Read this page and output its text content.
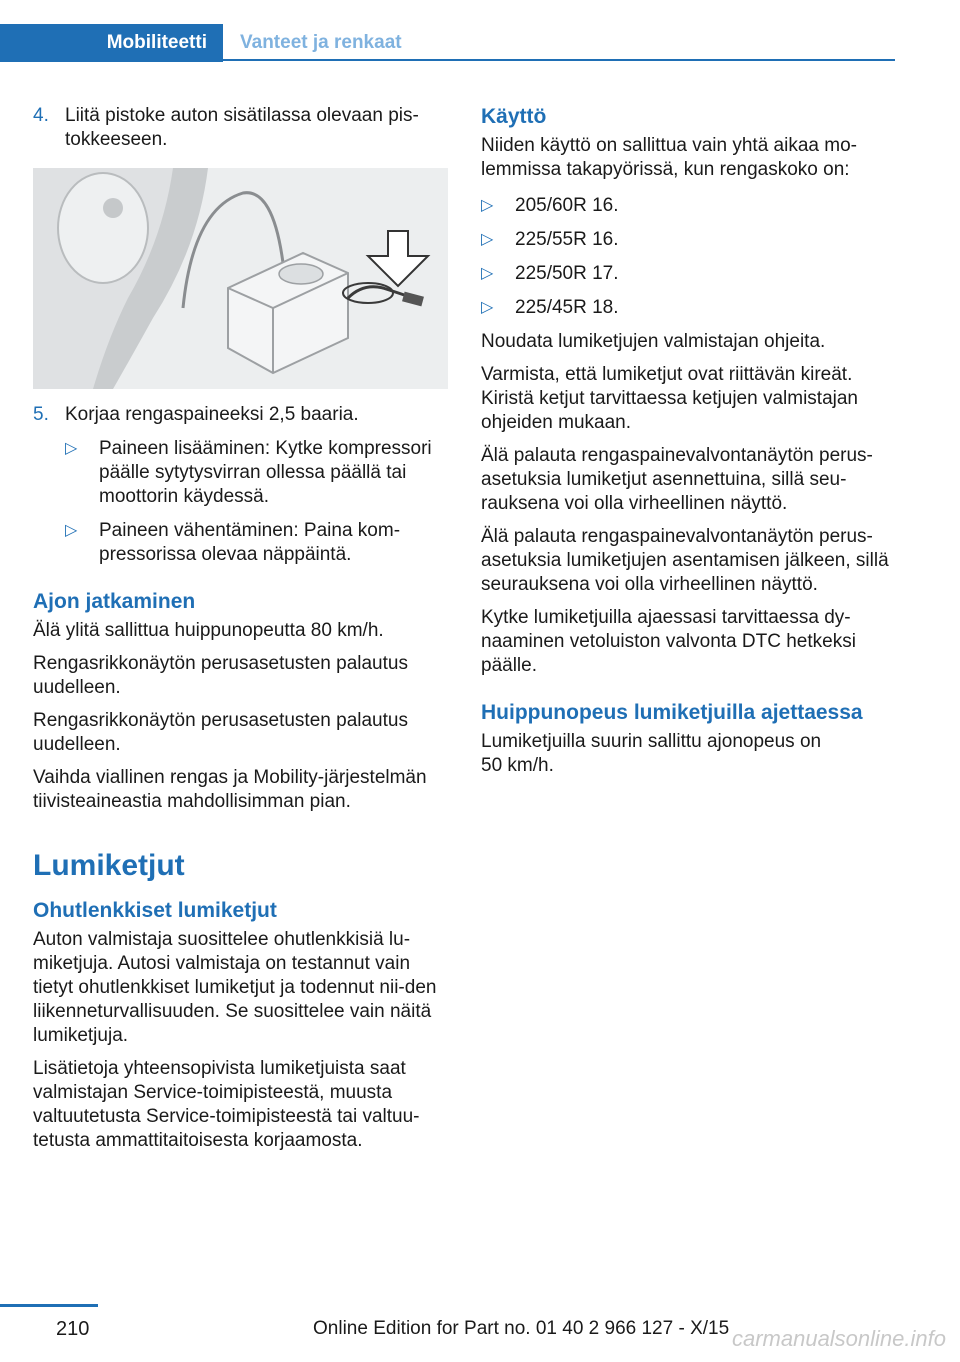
Mobiliteetti	Vanteet ja renkaat
4. Liitä pistoke auton sisätilassa olevaan pis‐tokkeeseen.
5. Korjaa rengaspaineeksi 2,5 baaria.
▷ Paineen lisääminen: Kytke kompressori päälle sytytysvirran ollessa päällä tai moottorin käydessä.
▷ Paineen vähentäminen: Paina kom‐pressorissa olevaa näppäintä.
Ajon jatkaminen
Älä ylitä sallittua huippunopeutta 80 km/h.
Rengasrikkonäytön perusasetusten palautus uudelleen.
Rengasrikkonäytön perusasetusten palautus uudelleen.
Vaihda viallinen rengas ja Mobility-järjestelmän tiivisteaineastia mahdollisimman pian.
Lumiketjut
Ohutlenkkiset lumiketjut
Auton valmistaja suosittelee ohutlenkkisiä lu‐miketjuja. Autosi valmistaja on testannut vain tietyt ohutlenkkiset lumiketjut ja todennut nii‐den liikenneturvallisuuden. Se suosittelee vain näitä lumiketjuja.
Lisätietoja yhteensopivista lumiketjuista saat valmistajan Service-toimipisteestä, muusta valtuutetusta Service-toimipisteestä tai valtuu‐tetusta ammattitaitoisesta korjaamosta.
Käyttö
Niiden käyttö on sallittua vain yhtä aikaa mo‐lemmissa takapyörissä, kun rengaskoko on:
▷ 205/60R 16.
▷ 225/55R 16.
▷ 225/50R 17.
▷ 225/45R 18.
Noudata lumiketjujen valmistajan ohjeita.
Varmista, että lumiketjut ovat riittävän kireät. Kiristä ketjut tarvittaessa ketjujen valmistajan ohjeiden mukaan.
Älä palauta rengaspainevalvontanäytön perus‐asetuksia lumiketjut asennettuina, sillä seu‐rauksena voi olla virheellinen näyttö.
Älä palauta rengaspainevalvontanäytön perus‐asetuksia lumiketjujen asentamisen jälkeen, sillä seurauksena voi olla virheellinen näyttö.
Kytke lumiketjuilla ajaessasi tarvittaessa dy‐naaminen vetoluiston valvonta DTC hetkeksi päälle.
Huippunopeus lumiketjuilla ajettaessa
Lumiketjuilla suurin sallittu ajonopeus on
50 km/h.
210	Online Edition for Part no. 01 40 2 966 127 - X/15 carmanualsonline.info
